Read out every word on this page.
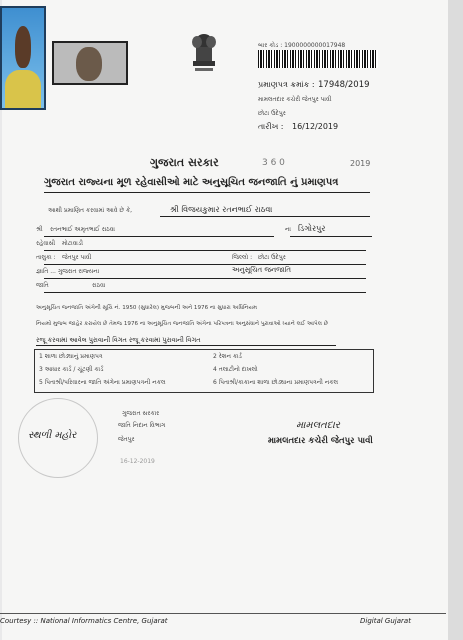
બાર કોડ : 1900000000017948
પ્રમાણપત્ર ક્રમાંક : 17948/2019
મામલતદાર કચેરી જેતપુર પાવી
છોટા ઉદેપુર
તારીખ : 16/12/2019
ગુજરાત સરકાર	3 6 0	2019
ગુજરાત રાજ્યના મૂળ રહેવાસીઓ માટે અનુસૂચિત જનજાતિ નું પ્રમાણપત્ર
આથી પ્રમાણિત કરવામાં આવે છે કે,	શ્રી વિજયકુમાર રતનભાઈ રાઠવા
શ્રી રતનભાઈ અમૃતભાઈ રાઠવા	ના ડિગોરપુર
રહેવાસી મોટાવાડી
તાલુકા : જેતપુર પાવી	જિલ્લો : છોટા ઉદેપુર
જ્ઞાતિ ... ગુજરાત રાજ્યના	અનુસૂચિત જનજાતિ
જાતિ	રાઠવા
અનુસૂચિત જનજાતિ અંગેની સૂચિ નં. 1950 (સુધારેલ) મુજબની અને 1976 ના સુધારા અધિનિયમ
નિયમો મુજબ જાહેર કરાયેલ છે તેમજ 1976 ના અનુસૂચિત જનજાતિ અંગેના પરિપત્રના અનુસંધાને પુરાવાઓ ધ્યાને લઈ આપેલ છે
રજૂ કરવામાં આવેલ પુરાવાની વિગત રજૂ કરવામાં પુરાવાની વિગત
1 શાળા છોડ્યાનું પ્રમાણપત્ર	2 રેશન કાર્ડ
3 આધાર કાર્ડ / ચૂંટણી કાર્ડ	4 તલાટીનો દાખલો
5 પિતાશ્રી/પરિવારના જાતિ અંગેના પ્રમાણપત્રની નકલ	6 પિતાશ્રી/કાકાના શાળા છોડ્યાના પ્રમાણપત્રની નકલ
સ્થળી મહોર
ગુજરાત સરકાર
જાતિ નિદાન વિભાગ
જેતપુર
16-12-2019
મામલતદાર
મામલતદાર કચેરી જેતપુર પાવી
Courtesy :: National Informatics Centre, Gujarat	Digital Gujarat
